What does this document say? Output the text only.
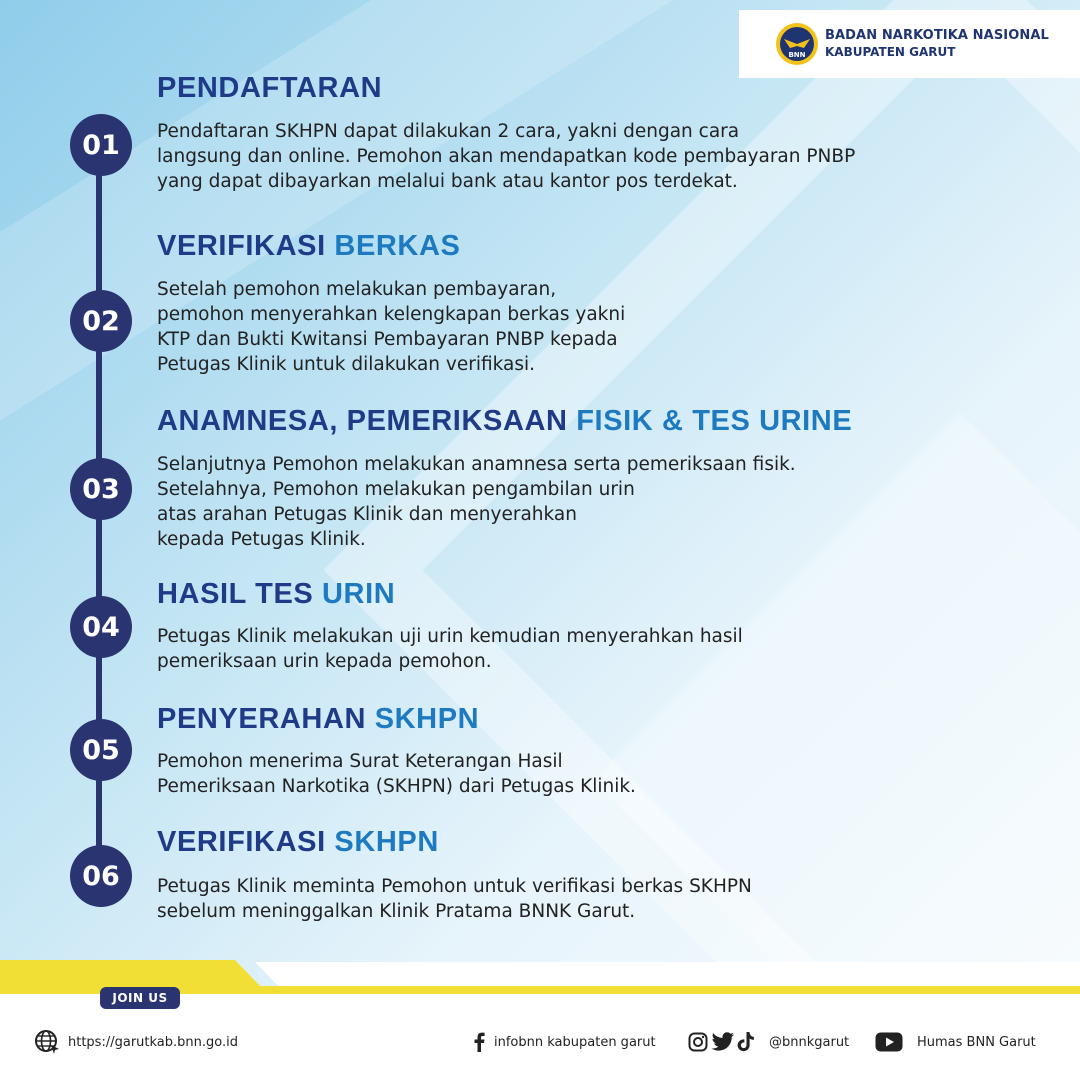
BNN
BADAN NARKOTIKA NASIONAL
KABUPATEN GARUT
01
PENDAFTARAN

Pendaftaran SKHPN dapat dilakukan 2 cara, yakni dengan cara
langsung dan online. Pemohon akan mendapatkan kode pembayaran PNBP
yang dapat dibayarkan melalui bank atau kantor pos terdekat.

02
VERIFIKASI BERKAS

Setelah pemohon melakukan pembayaran,
pemohon menyerahkan kelengkapan berkas yakni
KTP dan Bukti Kwitansi Pembayaran PNBP kepada
Petugas Klinik untuk dilakukan verifikasi.

03
ANAMNESA, PEMERIKSAAN FISIK & TES URINE

Selanjutnya Pemohon melakukan anamnesa serta pemeriksaan fisik.
Setelahnya, Pemohon melakukan pengambilan urin
atas arahan Petugas Klinik dan menyerahkan
kepada Petugas Klinik.

04
HASIL TES URIN

Petugas Klinik melakukan uji urin kemudian menyerahkan hasil
pemeriksaan urin kepada pemohon.

05
PENYERAHAN SKHPN

Pemohon menerima Surat Keterangan Hasil
Pemeriksaan Narkotika (SKHPN) dari Petugas Klinik.

06
VERIFIKASI SKHPN

Petugas Klinik meminta Pemohon untuk verifikasi berkas SKHPN
sebelum meninggalkan Klinik Pratama BNNK Garut.

JOIN US
https://garutkab.bnn.go.id	infobnn kabupaten garut	@bnnkgarut	Humas BNN Garut
